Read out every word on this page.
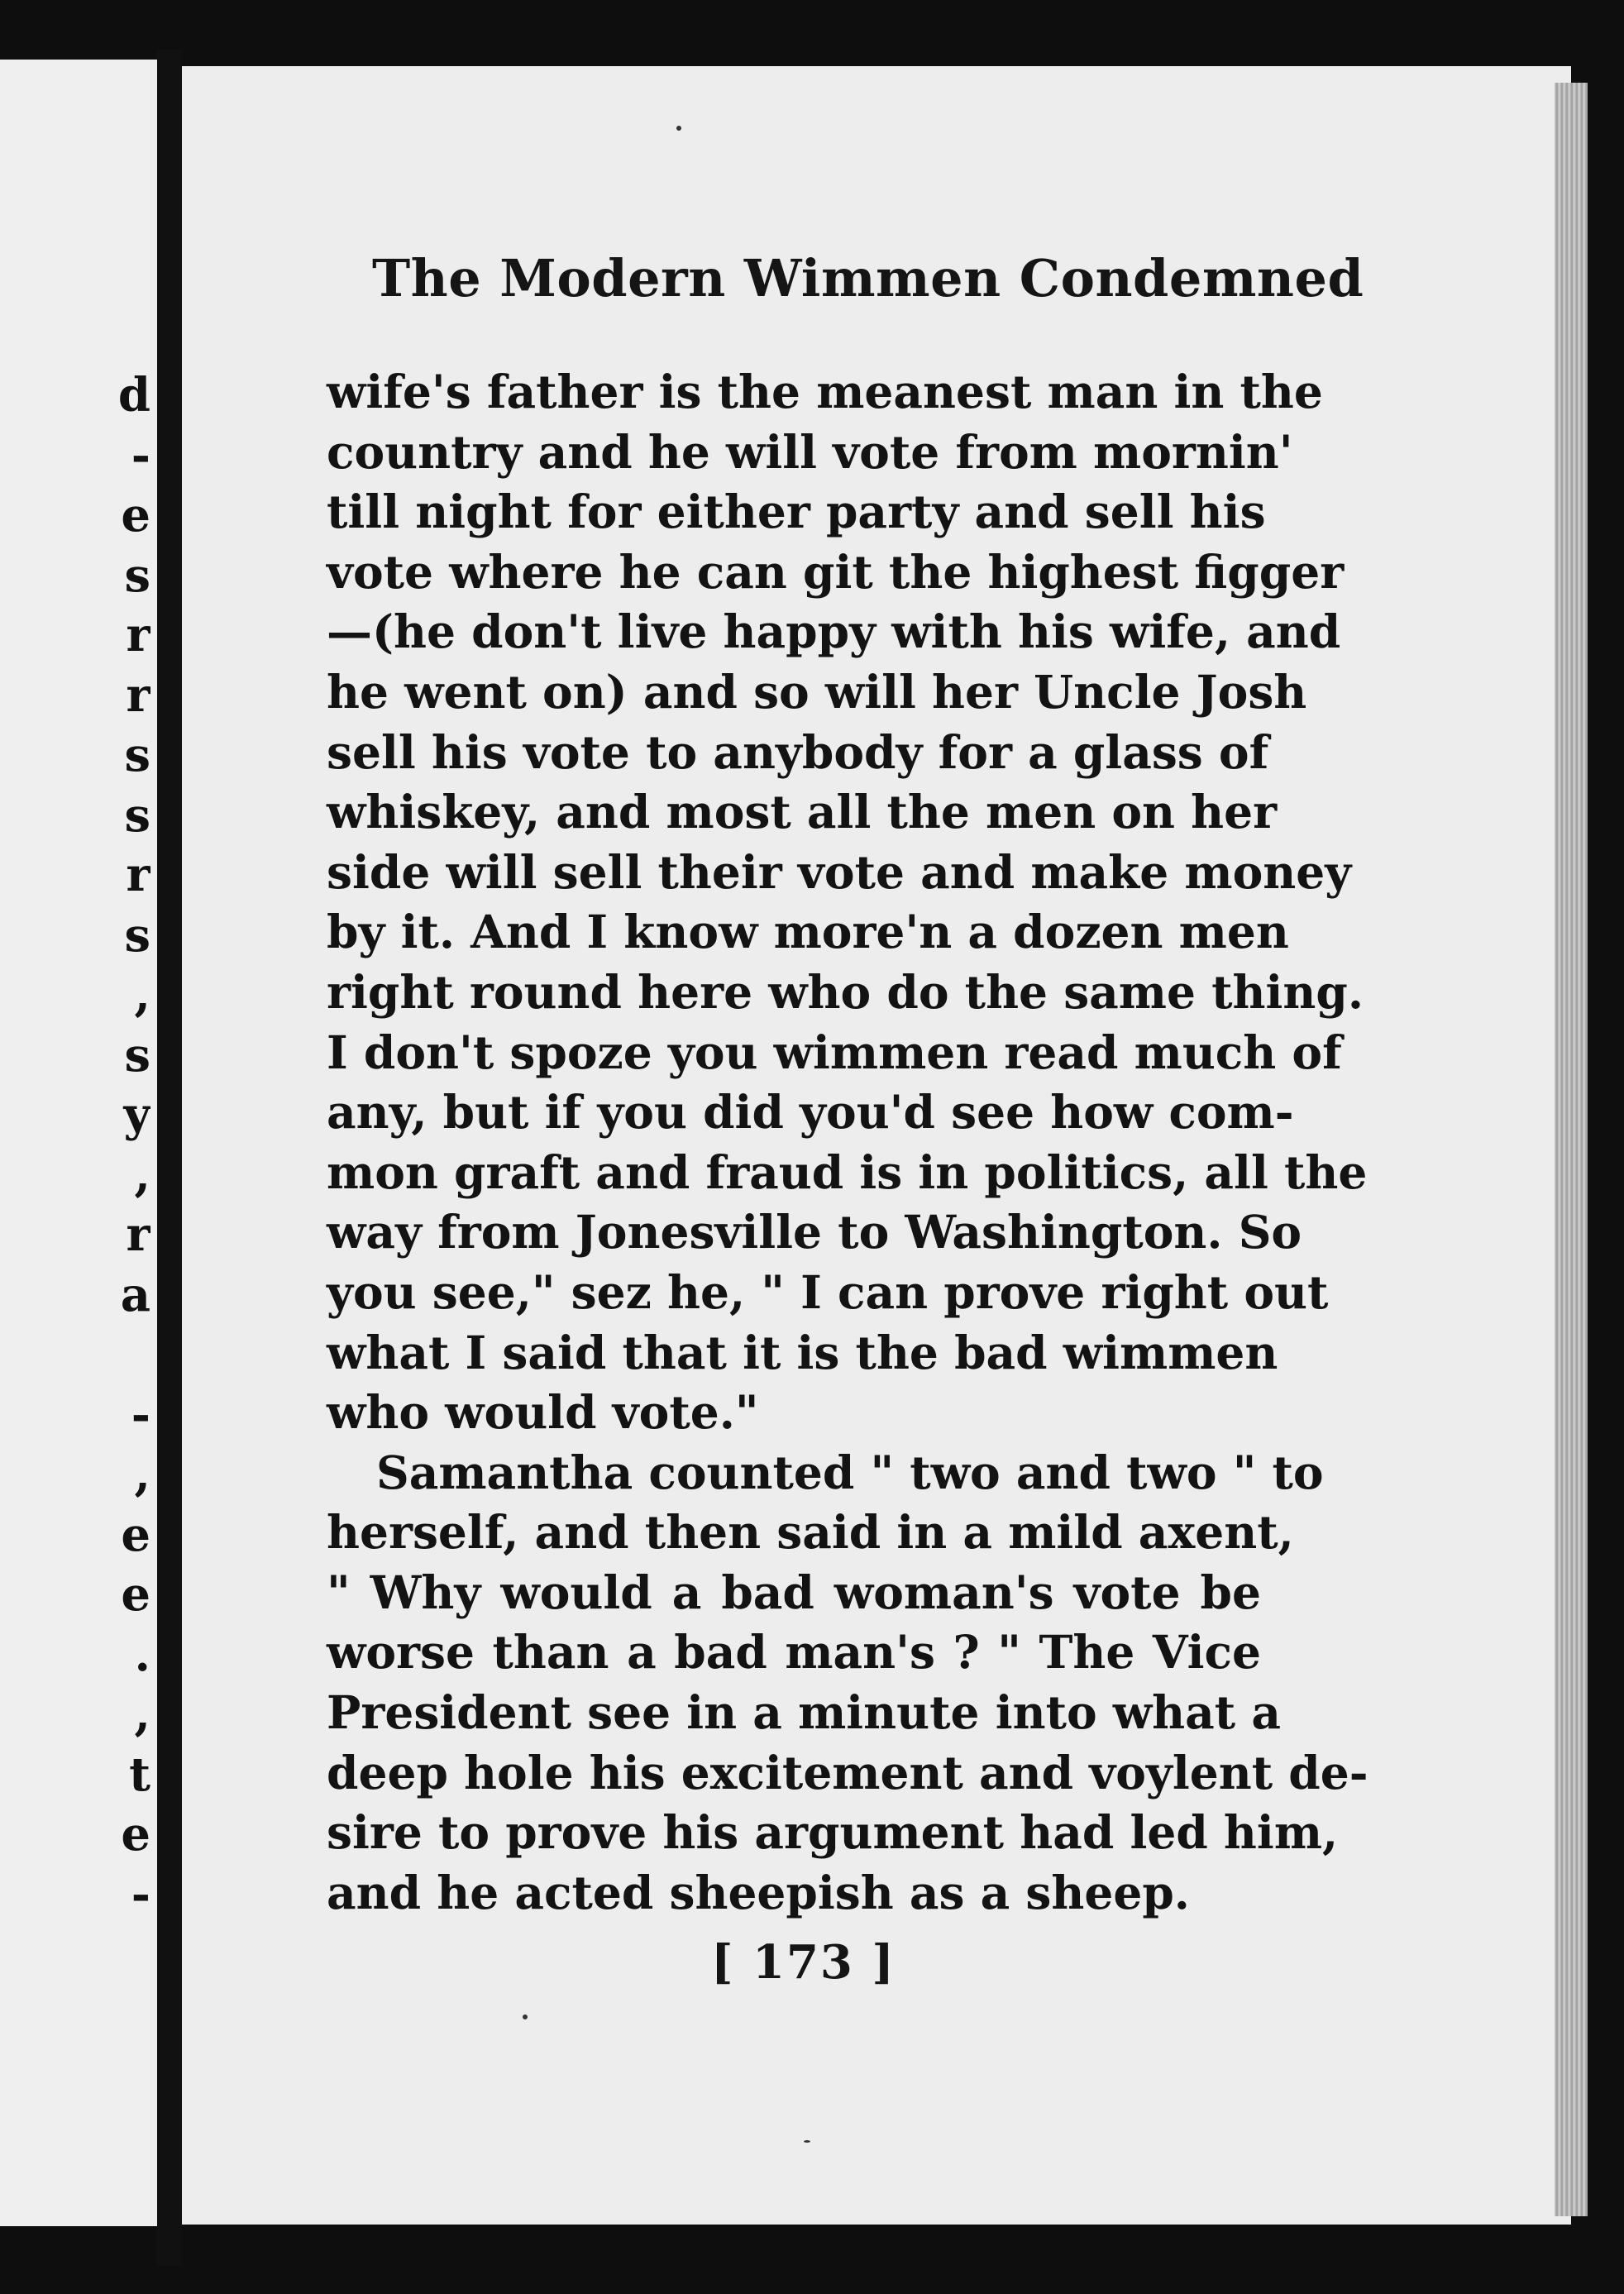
d
-
e
s
r
r
s
s
r
s
,
s
y
,
r
a
-
,
e
e
.
,
t
e
-
The Modern Wimmen Condemned
wife's father is the meanest man in the
country and he will vote from mornin'
till night for either party and sell his
vote where he can git the highest figger
—(he don't live happy with his wife, and
he went on) and so will her Uncle Josh
sell his vote to anybody for a glass of
whiskey, and most all the men on her
side will sell their vote and make money
by it. And I know more'n a dozen men
right round here who do the same thing.
I don't spoze you wimmen read much of
any, but if you did you'd see how com-
mon graft and fraud is in politics, all the
way from Jonesville to Washington. So
you see," sez he, " I can prove right out
what I said that it is the bad wimmen
who would vote."
Samantha counted " two and two " to
herself, and then said in a mild axent,
" Why would a bad woman's vote be
worse than a bad man's ? " The Vice
President see in a minute into what a
deep hole his excitement and voylent de-
sire to prove his argument had led him,
and he acted sheepish as a sheep.
[ 173 ]
